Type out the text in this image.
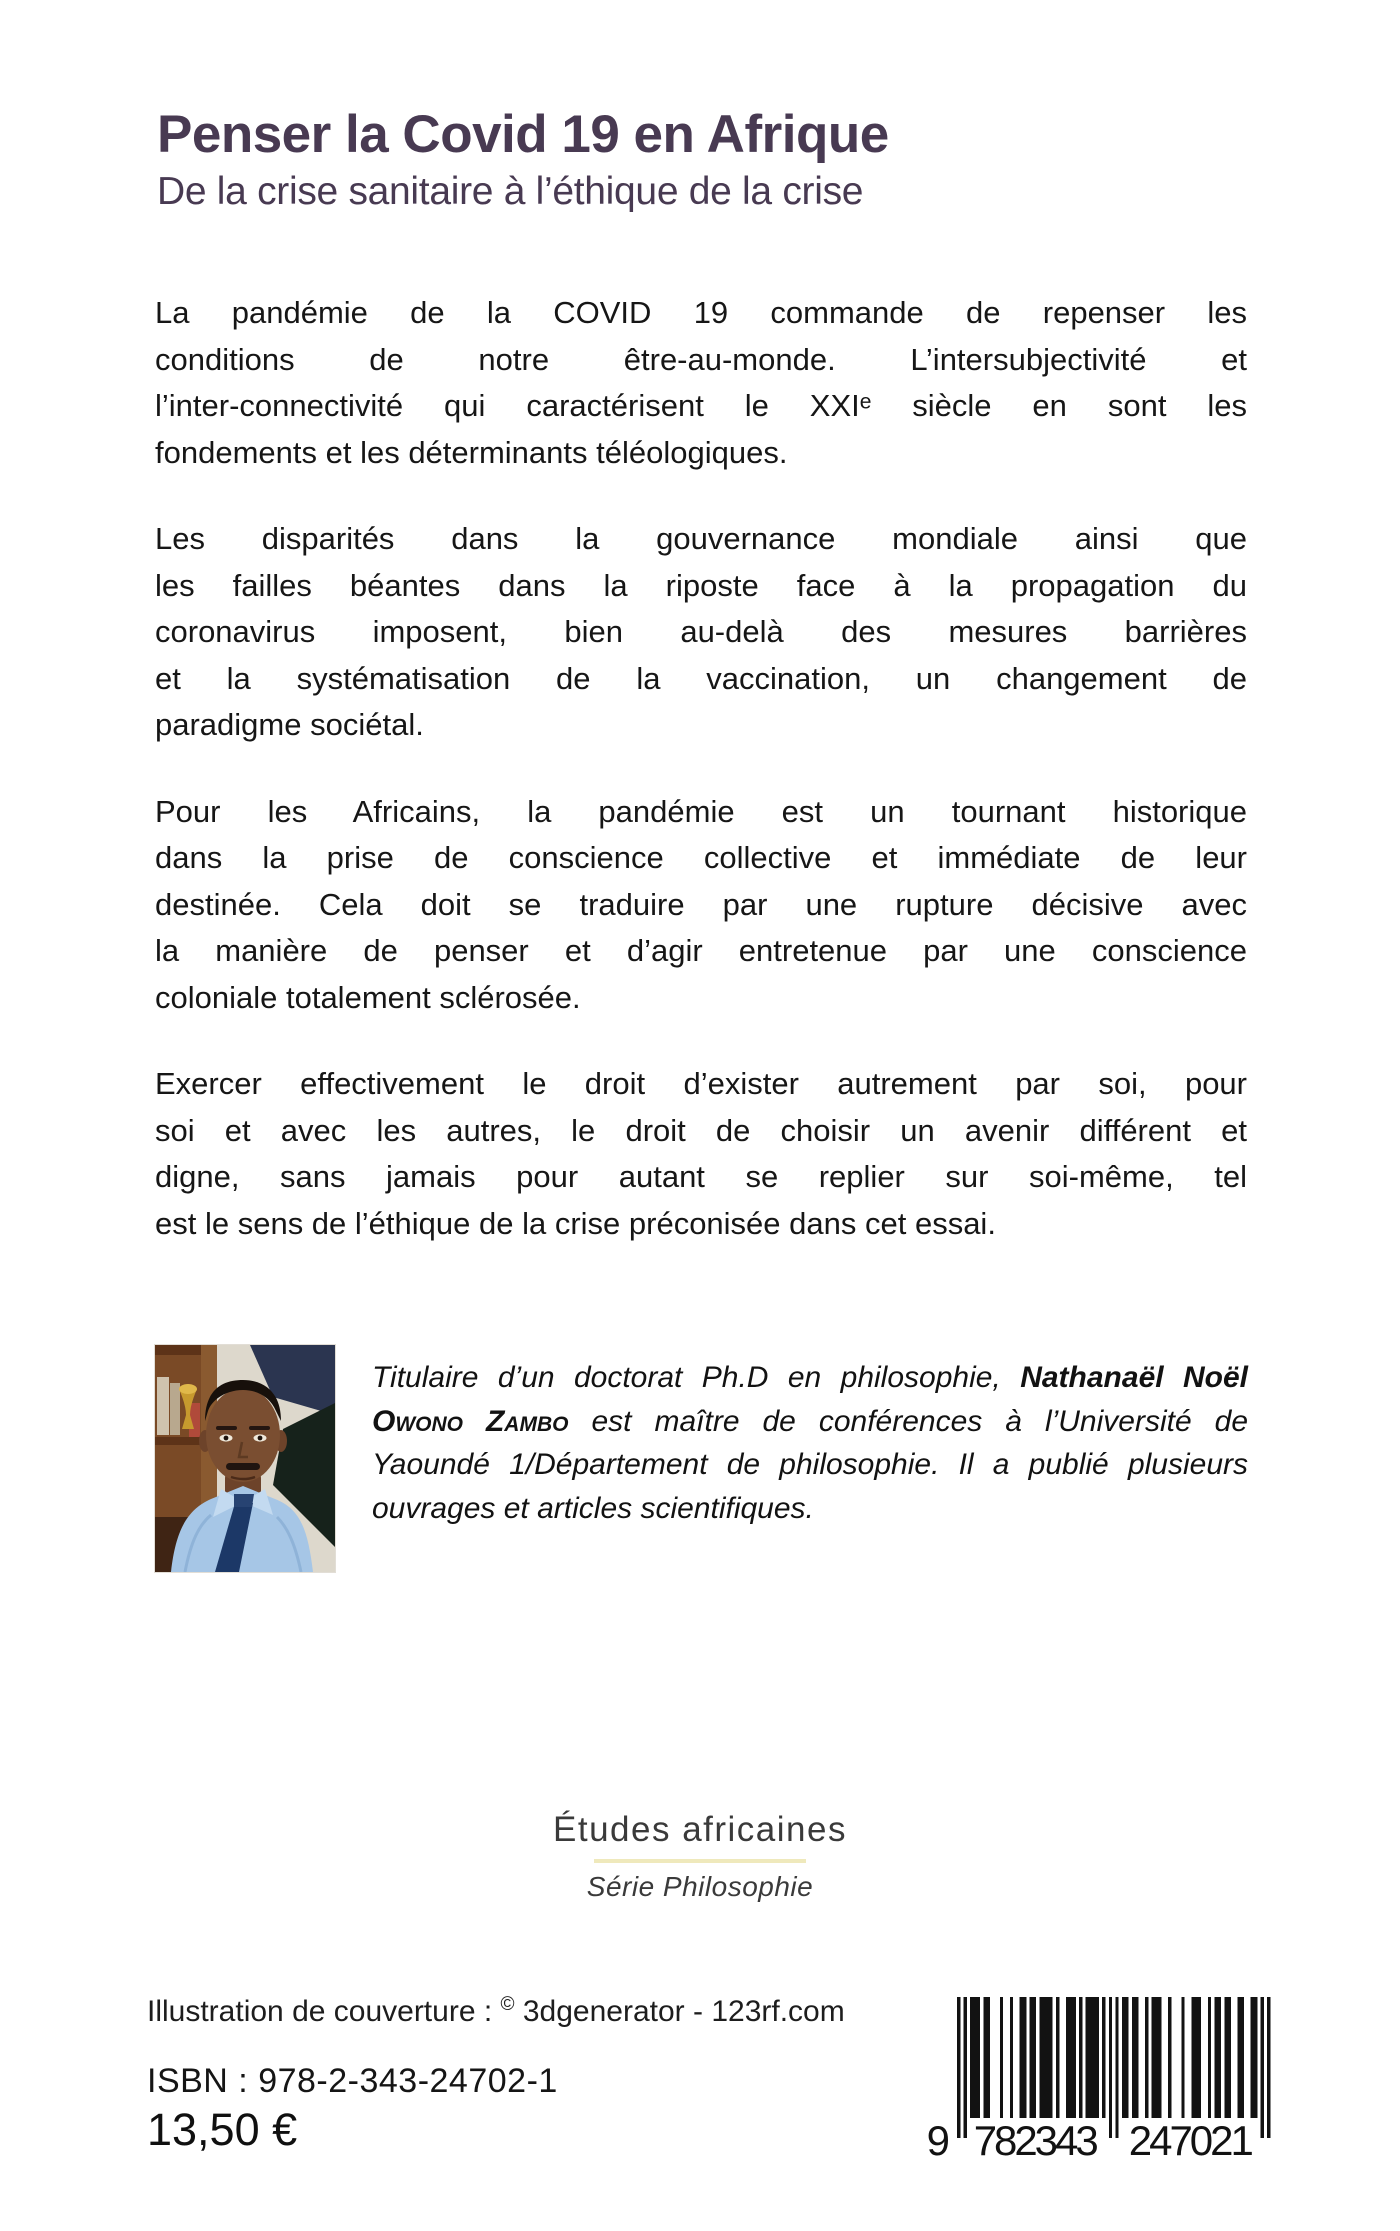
Penser la Covid 19 en Afrique
De la crise sanitaire à l’éthique de la crise
La pandémie de la COVID 19 commande de repenser les
conditions de notre être-au-monde. L’intersubjectivité et
l’inter-connectivité qui caractérisent le XXIᵉ siècle en sont les
fondements et les déterminants téléologiques.
Les disparités dans la gouvernance mondiale ainsi que
les failles béantes dans la riposte face à la propagation du
coronavirus imposent, bien au-delà des mesures barrières
et la systématisation de la vaccination, un changement de
paradigme sociétal.
Pour les Africains, la pandémie est un tournant historique
dans la prise de conscience collective et immédiate de leur
destinée. Cela doit se traduire par une rupture décisive avec
la manière de penser et d’agir entretenue par une conscience
coloniale totalement sclérosée.
Exercer effectivement le droit d’exister autrement par soi, pour
soi et avec les autres, le droit de choisir un avenir différent et
digne, sans jamais pour autant se replier sur soi-même, tel
est le sens de l’éthique de la crise préconisée dans cet essai.

Titulaire d’un doctorat Ph.D en philosophie, Nathanaël Noël Owono Zambo est maître de conférences à l’Université de Yaoundé 1/Département de philosophie. Il a publié plusieurs ouvrages et articles scientifiques.

Études africaines
Série Philosophie
Illustration de couverture : © 3dgenerator - 123rf.com
ISBN : 978-2-343-24702-1
13,50 €	9 782343 247021
